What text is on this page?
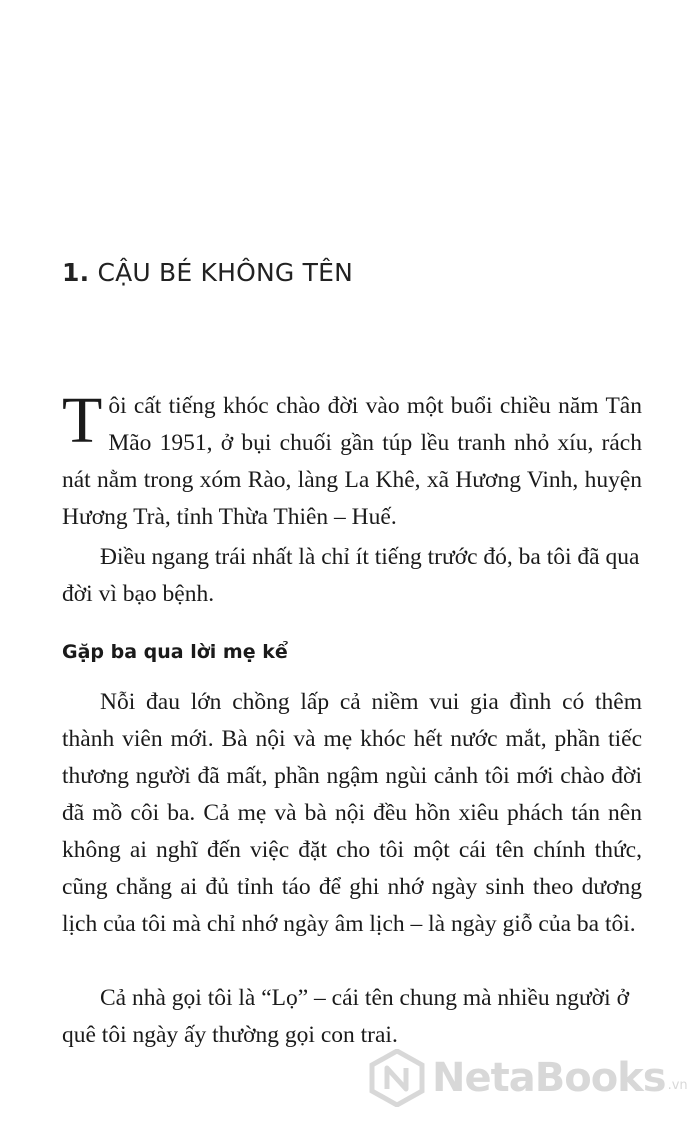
1. CẬU BÉ KHÔNG TÊN
Tôi cất tiếng khóc chào đời vào một buổi chiều năm Tân Mão 1951, ở bụi chuối gần túp lều tranh nhỏ xíu, rách nát nằm trong xóm Rào, làng La Khê, xã Hương Vinh, huyện Hương Trà, tỉnh Thừa Thiên – Huế.
Điều ngang trái nhất là chỉ ít tiếng trước đó, ba tôi đã qua đời vì bạo bệnh.
Gặp ba qua lời mẹ kể
Nỗi đau lớn chồng lấp cả niềm vui gia đình có thêm thành viên mới. Bà nội và mẹ khóc hết nước mắt, phần tiếc thương người đã mất, phần ngậm ngùi cảnh tôi mới chào đời đã mồ côi ba. Cả mẹ và bà nội đều hồn xiêu phách tán nên không ai nghĩ đến việc đặt cho tôi một cái tên chính thức, cũng chẳng ai đủ tỉnh táo để ghi nhớ ngày sinh theo dương lịch của tôi mà chỉ nhớ ngày âm lịch – là ngày giỗ của ba tôi.
Cả nhà gọi tôi là “Lọ” – cái tên chung mà nhiều người ở quê tôi ngày ấy thường gọi con trai.
NetaBooks .vn
